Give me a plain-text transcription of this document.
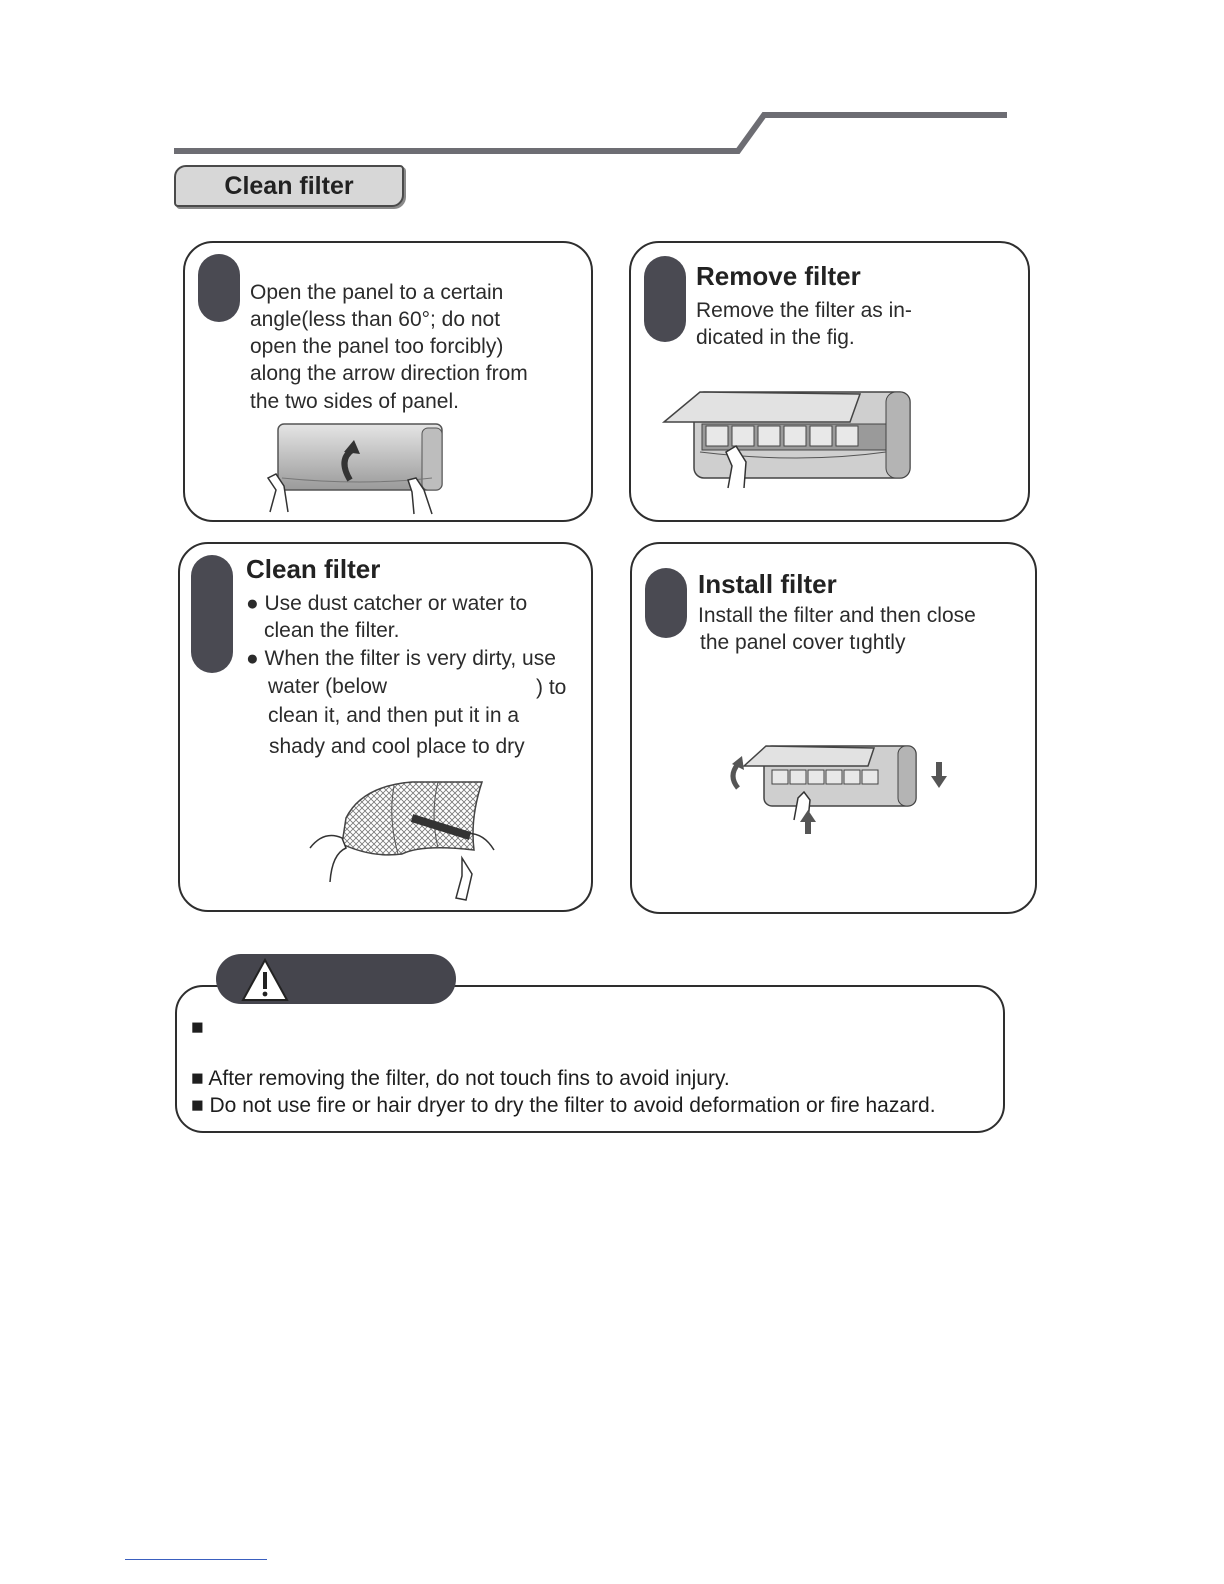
Clean filter
Open the panel to a certain
angle(less than 60°; do not
open the panel too forcibly)
along the arrow direction from
the two sides of panel.
Remove filter
Remove the filter as in-
dicated in the fig.
Clean filter
● Use dust catcher or water to
clean the filter.
● When the filter is very dirty, use
water (below	) to
clean it, and then put it in a
shady and cool place to dry
Install filter
Install the filter and then close
the panel cover tıghtly
■
■ After removing the filter, do not touch fins to avoid injury.
■ Do not use fire or hair dryer to dry the filter to avoid deformation or fire hazard.
